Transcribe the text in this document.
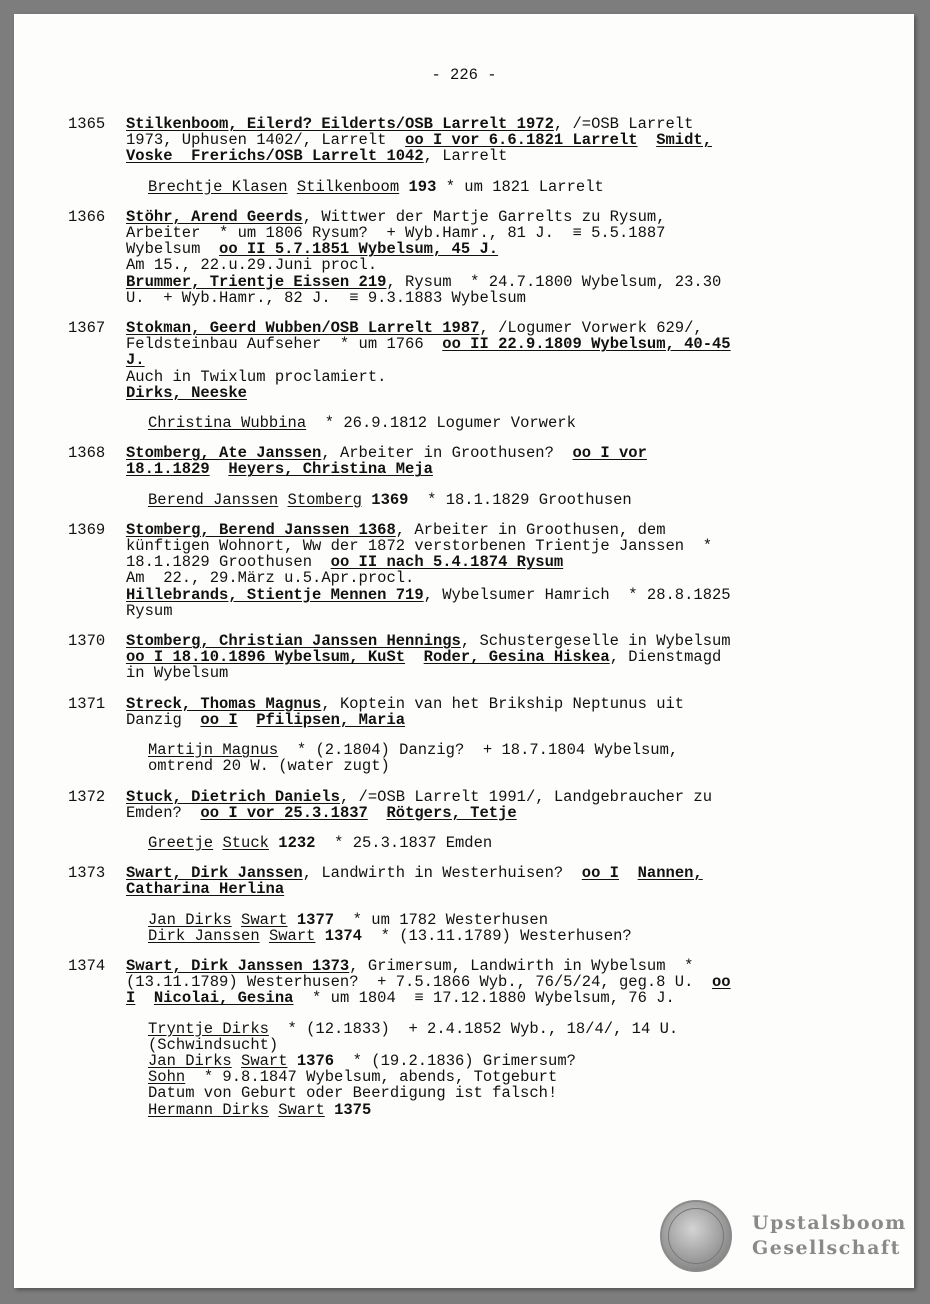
- 226 -
1365	Stilkenboom, Eilerd? Eilderts/OSB Larrelt 1972, /=OSB Larrelt
1973, Uphusen 1402/, Larrelt  oo I vor 6.6.1821 Larrelt Smidt,
Voske  Frerichs/OSB Larrelt 1042, Larrelt
Brechtje Klasen Stilkenboom 193 * um 1821 Larrelt
1366	Stöhr, Arend Geerds, Wittwer der Martje Garrelts zu Rysum,
Arbeiter  * um 1806 Rysum?  + Wyb.Hamr., 81 J.  ≡ 5.5.1887
Wybelsum  oo II 5.7.1851 Wybelsum, 45 J.
Am 15., 22.u.29.Juni procl.
Brummer, Trientje Eissen 219, Rysum  * 24.7.1800 Wybelsum, 23.30
U.  + Wyb.Hamr., 82 J.  ≡ 9.3.1883 Wybelsum
1367	Stokman, Geerd Wubben/OSB Larrelt 1987, /Logumer Vorwerk 629/,
Feldsteinbau Aufseher  * um 1766  oo II 22.9.1809 Wybelsum, 40-45
J.
Auch in Twixlum proclamiert.
Dirks, Neeske
Christina Wubbina  * 26.9.1812 Logumer Vorwerk
1368	Stomberg, Ate Janssen, Arbeiter in Groothusen?  oo I vor
18.1.1829 Heyers, Christina Meja
Berend Janssen Stomberg 1369  * 18.1.1829 Groothusen
1369	Stomberg, Berend Janssen 1368, Arbeiter in Groothusen, dem
künftigen Wohnort, Ww der 1872 verstorbenen Trientje Janssen  *
18.1.1829 Groothusen  oo II nach 5.4.1874 Rysum
Am  22., 29.März u.5.Apr.procl.
Hillebrands, Stientje Mennen 719, Wybelsumer Hamrich  * 28.8.1825
Rysum
1370	Stomberg, Christian Janssen Hennings, Schustergeselle in Wybelsum
oo I 18.10.1896 Wybelsum, KuSt Roder, Gesina Hiskea, Dienstmagd
in Wybelsum
1371	Streck, Thomas Magnus, Koptein van het Brikship Neptunus uit
Danzig  oo I Pfilipsen, Maria
Martijn Magnus  * (2.1804) Danzig?  + 18.7.1804 Wybelsum,
omtrend 20 W. (water zugt)
1372	Stuck, Dietrich Daniels, /=OSB Larrelt 1991/, Landgebraucher zu
Emden?  oo I vor 25.3.1837 Rötgers, Tetje
Greetje Stuck 1232  * 25.3.1837 Emden
1373	Swart, Dirk Janssen, Landwirth in Westerhuisen?  oo I Nannen,
Catharina Herlina
Jan Dirks Swart 1377  * um 1782 Westerhusen
Dirk Janssen Swart 1374  * (13.11.1789) Westerhusen?
1374	Swart, Dirk Janssen 1373, Grimersum, Landwirth in Wybelsum  *
(13.11.1789) Westerhusen?  + 7.5.1866 Wyb., 76/5/24, geg.8 U.  oo
I Nicolai, Gesina  * um 1804  ≡ 17.12.1880 Wybelsum, 76 J.
Tryntje Dirks  * (12.1833)  + 2.4.1852 Wyb., 18/4/, 14 U.
(Schwindsucht)
Jan Dirks Swart 1376  * (19.2.1836) Grimersum?
Sohn  * 9.8.1847 Wybelsum, abends, Totgeburt
Datum von Geburt oder Beerdigung ist falsch!
Hermann Dirks Swart 1375
Upstalsboom
Gesellschaft
